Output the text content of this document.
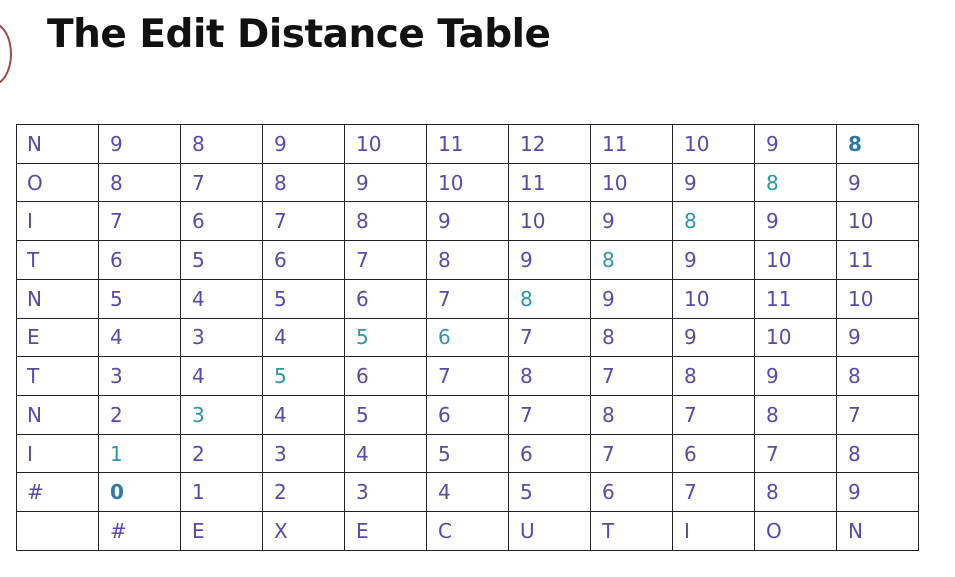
The Edit Distance Table
N	9	8	9	10	11	12	11	10	9	8
O	8	7	8	9	10	11	10	9	8	9
I	7	6	7	8	9	10	9	8	9	10
T	6	5	6	7	8	9	8	9	10	11
N	5	4	5	6	7	8	9	10	11	10
E	4	3	4	5	6	7	8	9	10	9
T	3	4	5	6	7	8	7	8	9	8
N	2	3	4	5	6	7	8	7	8	7
I	1	2	3	4	5	6	7	6	7	8
#	0	1	2	3	4	5	6	7	8	9
	#	E	X	E	C	U	T	I	O	N
